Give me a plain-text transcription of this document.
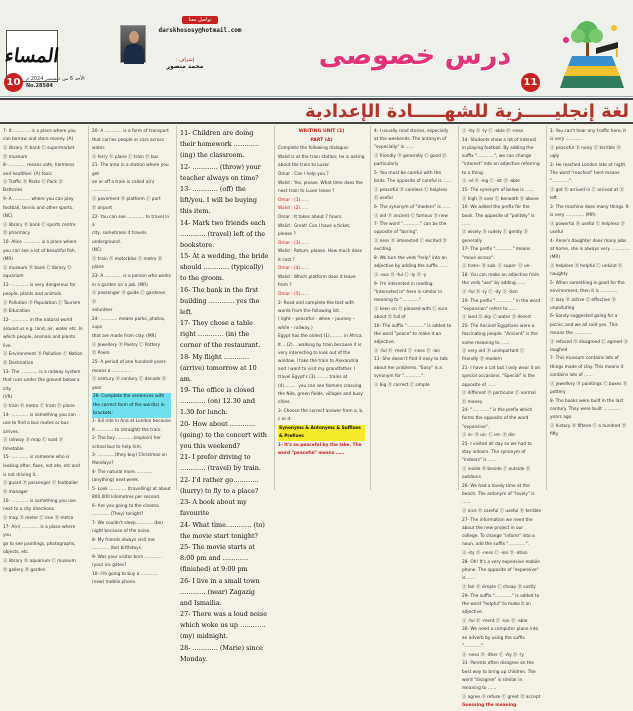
المساء
10	الأحد 6 من ديسمبر 2024 م
No.28584
تواصل معنا
darskhososy@hotmail.com
إشراف :
محمد منصور	درس خصوصى
11
لغة إنجليـــــزية للشهـــــادة الإعدادية

7- It ………… is a place where you can borrow and store money. (A)

Ⓐ library Ⓑ bank Ⓒ supermarket

Ⓓ museum

8- ………… means safe, harmless and healthier. (A) toxic

Ⓐ Traffic Ⓑ Parks Ⓒ Pack Ⓓ Batteries

9- A ………… where you can play

football, tennis and other sports. (NC)

Ⓐ library Ⓑ bank Ⓒ sports centre

Ⓓ pharmacy

10- Alice ………… is a place where

you can see a lot of beautiful fish. (MR)

Ⓐ museum Ⓑ bank Ⓒ library Ⓓ

aquarium

11- ………… is very dangerous for

people, plants and animals.

Ⓐ Pollution Ⓑ Population Ⓒ Tourism

Ⓓ Education

12- ………… in the natural world

around us e.g. land, air, water etc. In

which people, animals and plants live.

Ⓐ Environment Ⓑ Pollution Ⓒ Nation

Ⓓ Destination

13- The ………… is a railway system

that runs under the ground below a city.

(VR)

Ⓐ train Ⓑ metro Ⓒ tram Ⓓ plane

14- ………… is something you can

use to find a bus routes or bus arrives.

Ⓐ railway Ⓑ map Ⓒ road Ⓓ timetable

15- ………… is someone who is

looking after, fixes, not ate, etc and

is not driving it.

Ⓐ guard Ⓑ passenger Ⓒ footballer

Ⓓ manager

16- ………… is something you use

next to a city directions.

Ⓐ map Ⓑ meter Ⓒ iron Ⓓ metro

17- A(n) ………… is a place where you

go to see paintings, photographs,

objects, etc.

Ⓐ library Ⓑ aquarium Ⓒ museum

Ⓓ gallery Ⓑ garden

20- A ………… is a form of transport

that carries people or cars across water.

Ⓐ ferry Ⓑ plane Ⓒ train Ⓓ bus

21- The area in a station where you get

on or off a train is called a(n) ………… .

Ⓐ pavement Ⓑ platform Ⓒ port

Ⓓ airport

22- You can see ………… to travel in a

city, sometimes it travels underground.

(NC)

Ⓐ train Ⓑ motorbike Ⓒ metro Ⓓ plane

23- A ………… is a person who works

in a garden on a job. (MR)

Ⓐ passenger Ⓑ guide Ⓒ gardener Ⓓ

volunteer

24- ………… means parks, photos, cups

that are made from clay. (MR)

Ⓐ Jewellery Ⓑ Poetry Ⓒ Pottery

Ⓓ Poem

25- A period of one hundred years

means a ………… .

Ⓐ century Ⓑ century Ⓒ decade Ⓓ year

26- Complete the sentences with the correct form of the word(s) in brackets:

1- Sill ride in Ana at London because it ………… to (straight) the train.

2- The boy …………(explain) her school bus to help him.

3- …………(they buy) Christmas on Mondays?

4- The natural more………… (anything) next week.

5- Look ………… (travelling) at about 800,000 kilometres per second.

6- Are you going to the cinema ………… (They) tonight?

7- We couldn't sleep………… (be) night because of the noise.

8- My friends always visit me ………… (be) birthdays.

9- Was your visitor born ………… (you) ice gates?

10- I'm going to buy a ………… (new) mobile phone.

11- Children are doing their homework ………… (ing) the classroom.

12- ………… (throw) your teacher always on time?

13- ………… (off) the lift/you. I will be buying this item.

14- Mark two friends each ………… (travel) left of the bookstore.

15- At a wedding, the bride should ………… (typically) to the groom.

16- The bank in the first building ………… yes the left.

17- They chose a table right ………… (in) the corner of the restaurant.

18- My flight ………… (arrive) tomorrow at 10 am.

19- The office is closed ………… (on) 12.30 and 1.30 for lunch.

20- How about ………… (going) to the concert with you this weekend?

21- I prefer driving to ………… (travel) by train.

22- I'd rather go………… (hurry) to fly to a place?

23- A book about my favourite

24- What time………… (to) the movie start tonight?

25- The movie starts at 8:00 pm and ………… (finished) at 9:00 pm

26- I live in a small town ………… (near) Zagazig and Ismailia.

27- There was a loud noise which woke us up ………… (my) midnight.

28- ………… (Marie) since Monday.

WRITING UNIT (1)

PART (A)

Complete the following dialogue:

Walid is at the train station; he is asking about the train to Luxor.

Omar : Can I help you ?

Walid : Yes, please. What time does the next train to Luxor leave ?

Omar : (1)……

Walid : (2)……

Omar : It takes about 7 hours.

Walid : Great! Can I have a ticket, please ?

Omar : (3)……

Walid : Return, please. How much does it cost ?

Omar : (4)……

Walid : Which platform does it leave from ?

Omar : (5)……

2- Read and complete the text with words from the following list.

( light – peaceful – when – journey – while – railway )

Egypt has the oldest (1)……… in Africa. It …(2)… walking by train because it is very interesting to look out of the window. I take the train to Alexandria and I want to visit my grandfather. I travel Egypt's (3)……… trains at (4)……… you can see farmers crossing the Nile, green fields, villages and busy cities.

3- Choose the correct answer from a, b, c or d:

Synonyms & Antonyms & Suffixes & Prefixes

1- It's so peaceful by the lake. The word "peaceful" means ……

4- I usually read stories, especially at the weekends. The antonym of "especially" is ……

Ⓐ friendly Ⓑ generally Ⓒ good Ⓓ particularly

5- You must be careful with the birds. The opposite of careful is ……

Ⓐ peaceful Ⓑ careless Ⓒ helpless Ⓓ useful

6- The synonym of "modern" is ……

Ⓐ old Ⓑ ancient Ⓒ famous Ⓓ new

7- The word "…………" can be the opposite of "boring".

Ⓐ near Ⓑ interested Ⓒ excited Ⓓ exciting

8- We turn the verb "help" into an adjective by adding the suffix ……

Ⓐ -ous Ⓑ -ful Ⓒ -ly Ⓓ -y

9- I'm interested in reading. "Interested in" here is similar in meaning to "…………".

Ⓐ keen on Ⓑ pleased with Ⓒ sure about Ⓓ full of

10- The suffix "…………" is added to the word "peace" to make it an adjective.

Ⓐ -ful Ⓑ -ment Ⓒ -ness Ⓓ -ion

11- She doesn't find it easy to talk about her problems. "Easy" is a synonym for "…………".

Ⓐ big Ⓑ correct Ⓒ simple

Ⓐ -ity Ⓑ -ly Ⓒ -able Ⓓ -ness

14- Students show a lot of interest in playing football. By adding the suffix "…………", we can change "interest" into an adjective referring to a thing.

Ⓐ -al Ⓑ -ing Ⓒ -ist Ⓓ -able

15- The synonym of below is ……

Ⓐ high Ⓑ over Ⓒ beneath Ⓓ above

16- We added the prefix for the book. The opposite of "politely" is ……

Ⓐ wisely Ⓑ rudely Ⓒ gently Ⓓ generally

17- The prefix "…………" means "move across".

Ⓐ trans- Ⓑ sub- Ⓒ super- Ⓓ un-

18- You can make an adjective from the verb "use" by adding ……

Ⓐ -ful Ⓑ -ly Ⓒ -ity Ⓓ -tion

19- The prefix "…………" in the word "expansion" refers to ……

Ⓐ land Ⓑ sky Ⓒ water Ⓓ desert

20- The Ancient Egyptians were a fascinating people. "Ancient" is the same meaning to ……

Ⓐ very old Ⓑ unimportant Ⓒ friendly Ⓓ modern

21- I have a cat but I only wear it on special occasions. "Special" is the opposite of ……

Ⓐ different Ⓑ particular Ⓒ normal Ⓓ money

24- "…………" is the prefix which forms the opposite of the word "expansive".

Ⓐ in- Ⓑ un- Ⓒ im- Ⓓ dis-

25- I visited all day so we had to stay indoors. The synonym of "indoors" is ……

Ⓐ inside Ⓑ beside Ⓒ outside Ⓓ outdoors

26- We had a lovely time at the beach. The antonym of "lovely" is ……

Ⓐ nice Ⓑ careful Ⓒ useful Ⓓ terrible

27- The information we need the about the new project in our college. To change "inform" into a noun, add the suffix "…………".

Ⓐ -ity Ⓑ -ness Ⓒ -ion Ⓓ -ation

28- Oh! It's a very expensive mobile phone. The opposite of "expensive" is ……

Ⓐ fair Ⓑ simple Ⓒ cheap Ⓓ costly

29- The suffix "…………" is added to the word "helpful" to make it an adjective.

Ⓐ -ful Ⓑ -ment Ⓒ -ion Ⓓ -able

30- We need a computer plane into an adverb by using the suffix "…………".

Ⓐ -ness Ⓑ -ither Ⓒ -ity Ⓓ -ly

31- Parents often disagree on the best way to bring up children. The word "disagree" is similar in meaning to ……

Ⓐ agree Ⓑ refuse Ⓒ greet Ⓓ accept

Guessing the meaning

1- You can't hear any traffic here, it is very …………

Ⓐ peaceful Ⓑ noisy Ⓒ terrible Ⓓ ugly

2- He reached London late at night. The word "reached" here means "…………".

Ⓐ got Ⓑ arrived in Ⓒ arrived at Ⓓ left

3- The machine does many things. It is very …………. (MR)

Ⓐ powerful Ⓑ useful Ⓒ helpless Ⓓ useful

4- Anne's daughter does many jobs at home, she is always very …………. (MR)

Ⓐ helpless Ⓑ helpful Ⓒ unkind Ⓓ naughty

5- When something is good for the environment, then it is …………

Ⓐ lazy Ⓑ active Ⓒ effective Ⓓ unpolluting

6- Sandy suggested going for a picnic, and we all said yes. This means the …………

Ⓐ refused Ⓑ disagreed Ⓒ agreed Ⓓ laughed

7- This museum contains lots of things made of clay. This means it contains lots of ……

Ⓐ jewellery Ⓑ paintings Ⓒ boxes Ⓓ pottery

8- The books were built in the last century. They were built ………… years ago.

Ⓐ history Ⓑ fifteen Ⓒ a hundred Ⓓ fifty
